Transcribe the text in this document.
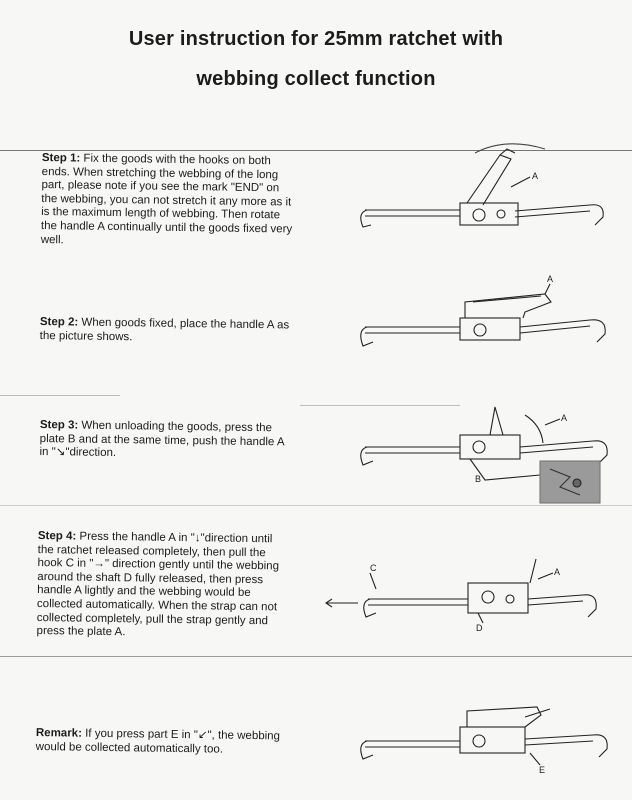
User instruction for 25mm ratchet with
webbing collect function
Step 1: Fix the goods with the hooks on both ends. When stretching the webbing of the long part, please note if you see the mark "END" on the webbing, you can not stretch it any more as it is the maximum length of webbing. Then rotate the handle A continually until the goods fixed very well.
Step 2: When goods fixed, place the handle A as the picture shows.
Step 3: When unloading the goods, press the plate B and at the same time, push the handle A in "↘"direction.
Step 4: Press the handle A in "↓"direction until the ratchet released completely, then pull the hook C in "→" direction gently until the webbing around the shaft D fully released, then press handle A lightly and the webbing would be collected automatically. When the strap can not collected completely, pull the strap gently and press the plate A.
Remark: If you press part E in "↙", the webbing would be collected automatically too.
A
A
A
B
C	A
D
E
